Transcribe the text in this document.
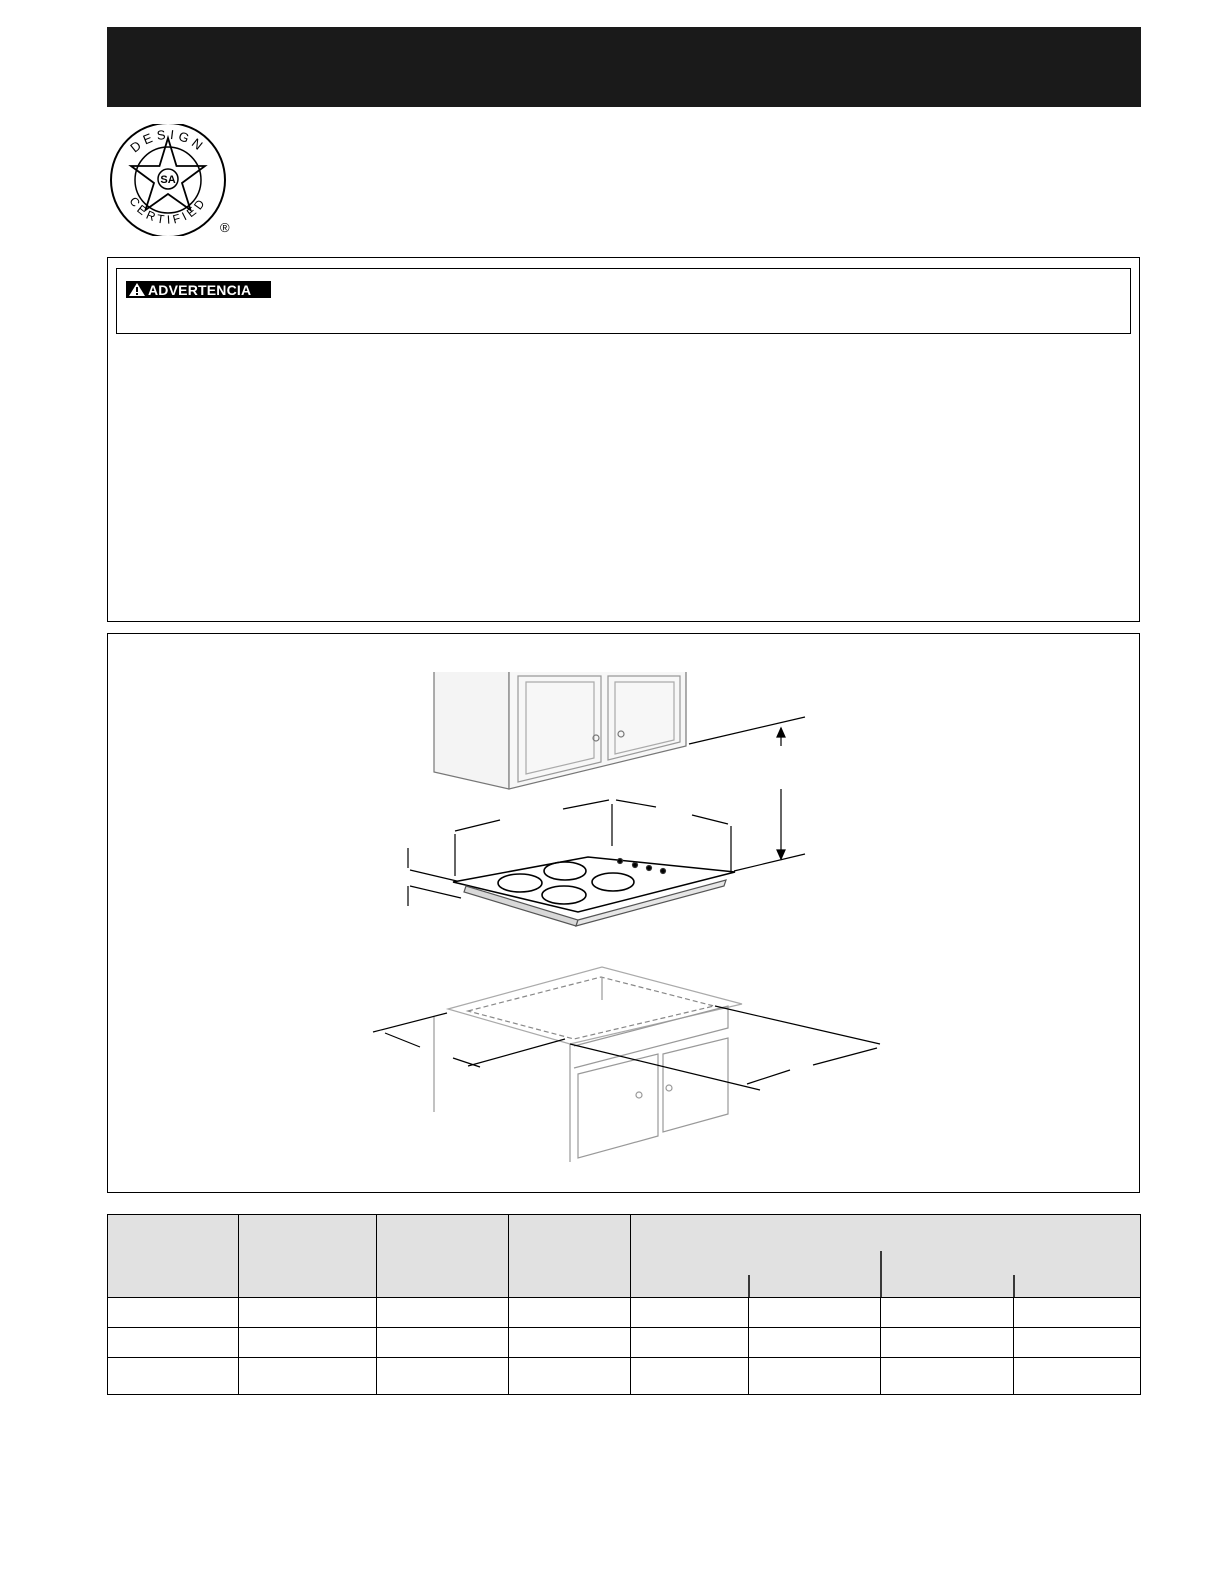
SA
DESIGN
CERTIFIED
®
ADVERTENCIA
